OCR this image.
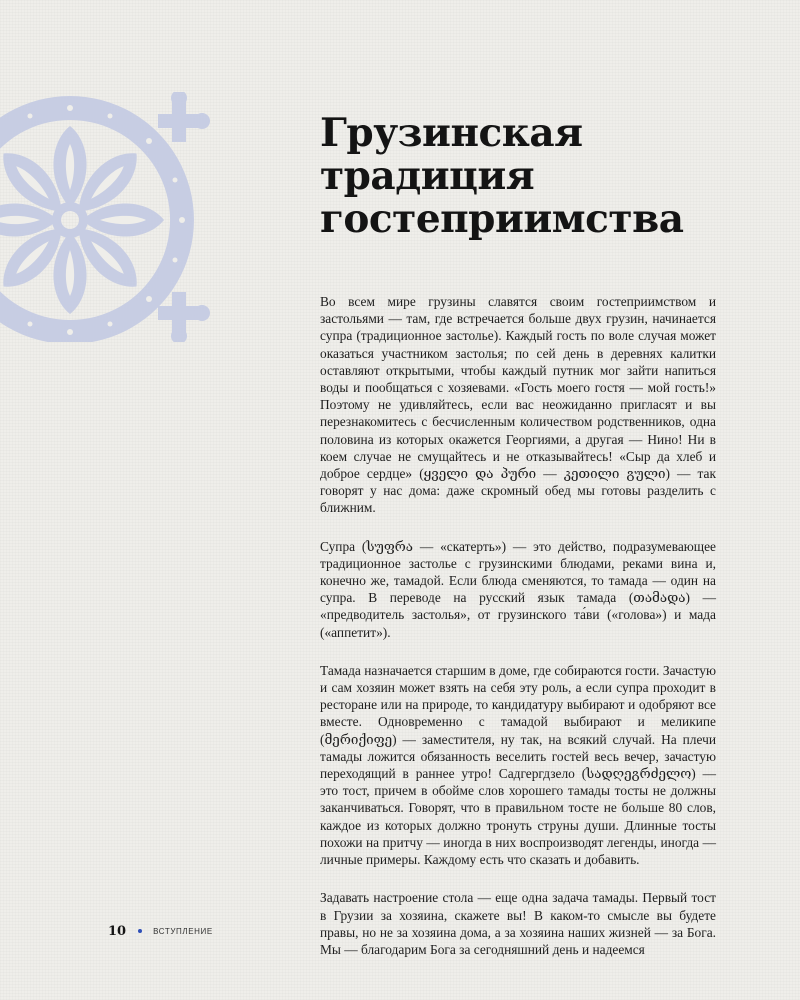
Грузинская
традиция
гостеприимства

Во всем мире грузины славятся своим гостеприимством и застольями — там, где встречается больше двух грузин, начинается супра (традиционное застолье). Каждый гость по воле случая может оказаться участником застолья; по сей день в деревнях калитки оставляют открытыми, чтобы каждый путник мог зайти напиться воды и пообщаться с хозяевами. «Гость моего гостя — мой гость!» Поэтому не удивляйтесь, если вас неожиданно пригласят и вы перезнакомитесь с бесчисленным количеством родственников, одна половина из которых окажется Георгиями, а другая — Нино! Ни в коем случае не смущайтесь и не отказывайтесь! «Сыр да хлеб и доброе сердце» (ყველი და პური — კეთილი გული) — так говорят у нас дома: даже скромный обед мы готовы разделить с ближним.

Супра (სუფრა — «скатерть») — это действо, подразумевающее традиционное застолье с грузинскими блюдами, реками вина и, конечно же, тамадой. Если блюда сменяются, то тамада — один на супра. В переводе на русский язык тамада (თამადა) — «предводитель застолья», от грузинского та́ви («голова») и мада («аппетит»).

Тамада назначается старшим в доме, где собираются гости. Зачастую и сам хозяин может взять на себя эту роль, а если супра проходит в ресторане или на природе, то кандидатуру выбирают и одобряют все вместе. Одновременно с тамадой выбирают и меликипе (მერიქიფე) — заместителя, ну так, на всякий случай. На плечи тамады ложится обязанность веселить гостей весь вечер, зачастую переходящий в раннее утро! Садгергдзело (სადღეგრძელო) — это тост, причем в обойме слов хорошего тамады тосты не должны заканчиваться. Говорят, что в правильном тосте не больше 80 слов, каждое из которых должно тронуть струны души. Длинные тосты похожи на притчу — иногда в них воспроизводят легенды, иногда — личные примеры. Каждому есть что сказать и добавить.

Задавать настроение стола — еще одна задача тамады. Первый тост в Грузии за хозяина, скажете вы! В каком-то смысле вы будете правы, но не за хозяина дома, а за хозяина наших жизней — за Бога. Мы — благодарим Бога за сегодняшний день и надеемся

10	ВСТУПЛЕНИЕ
